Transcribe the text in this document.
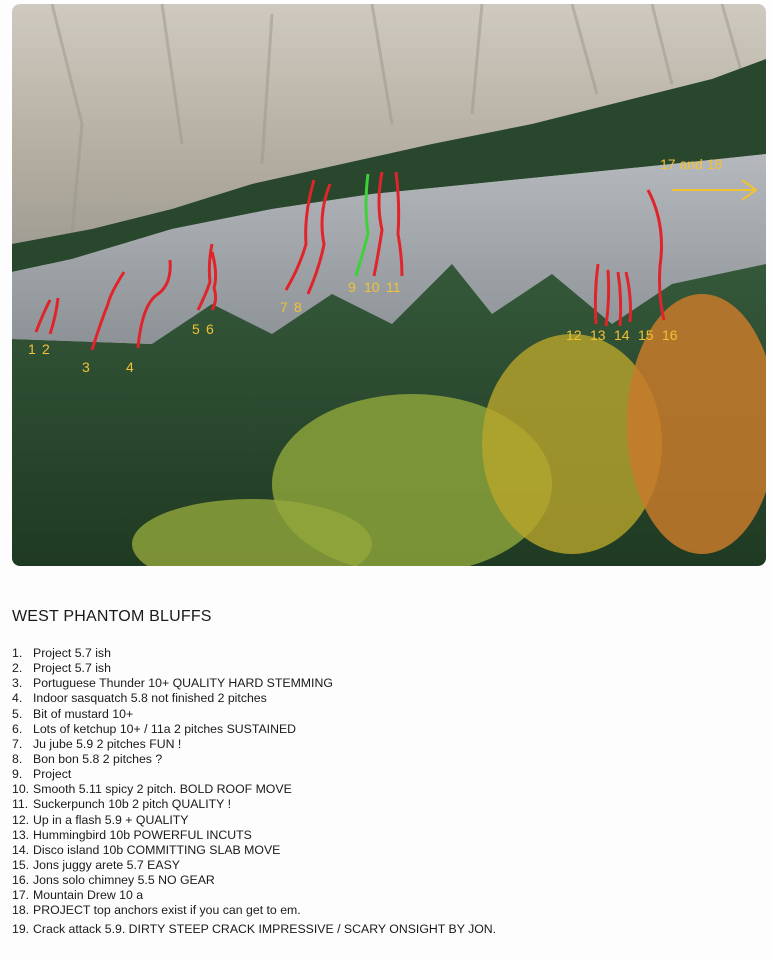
1 2
3	4
5 6
7 8
9 10 11
12 13 14 15 16
17 and 18
WEST PHANTOM BLUFFS
1. Project 5.7 ish
2. Project 5.7 ish
3. Portuguese Thunder 10+ QUALITY HARD STEMMING
4. Indoor sasquatch 5.8 not finished 2 pitches
5. Bit of mustard 10+
6. Lots of ketchup 10+ / 11a 2 pitches SUSTAINED
7. Ju jube 5.9 2 pitches FUN !
8. Bon bon 5.8 2 pitches ?
9. Project
10. Smooth 5.11 spicy 2 pitch. BOLD ROOF MOVE
11. Suckerpunch 10b 2 pitch QUALITY !
12. Up in a flash 5.9 + QUALITY
13. Hummingbird 10b POWERFUL INCUTS
14. Disco island 10b COMMITTING SLAB MOVE
15. Jons juggy arete 5.7 EASY
16. Jons solo chimney 5.5 NO GEAR
17. Mountain Drew 10 a
18. PROJECT top anchors exist if you can get to em.
19. Crack attack 5.9. DIRTY STEEP CRACK IMPRESSIVE / SCARY ONSIGHT BY JON.
